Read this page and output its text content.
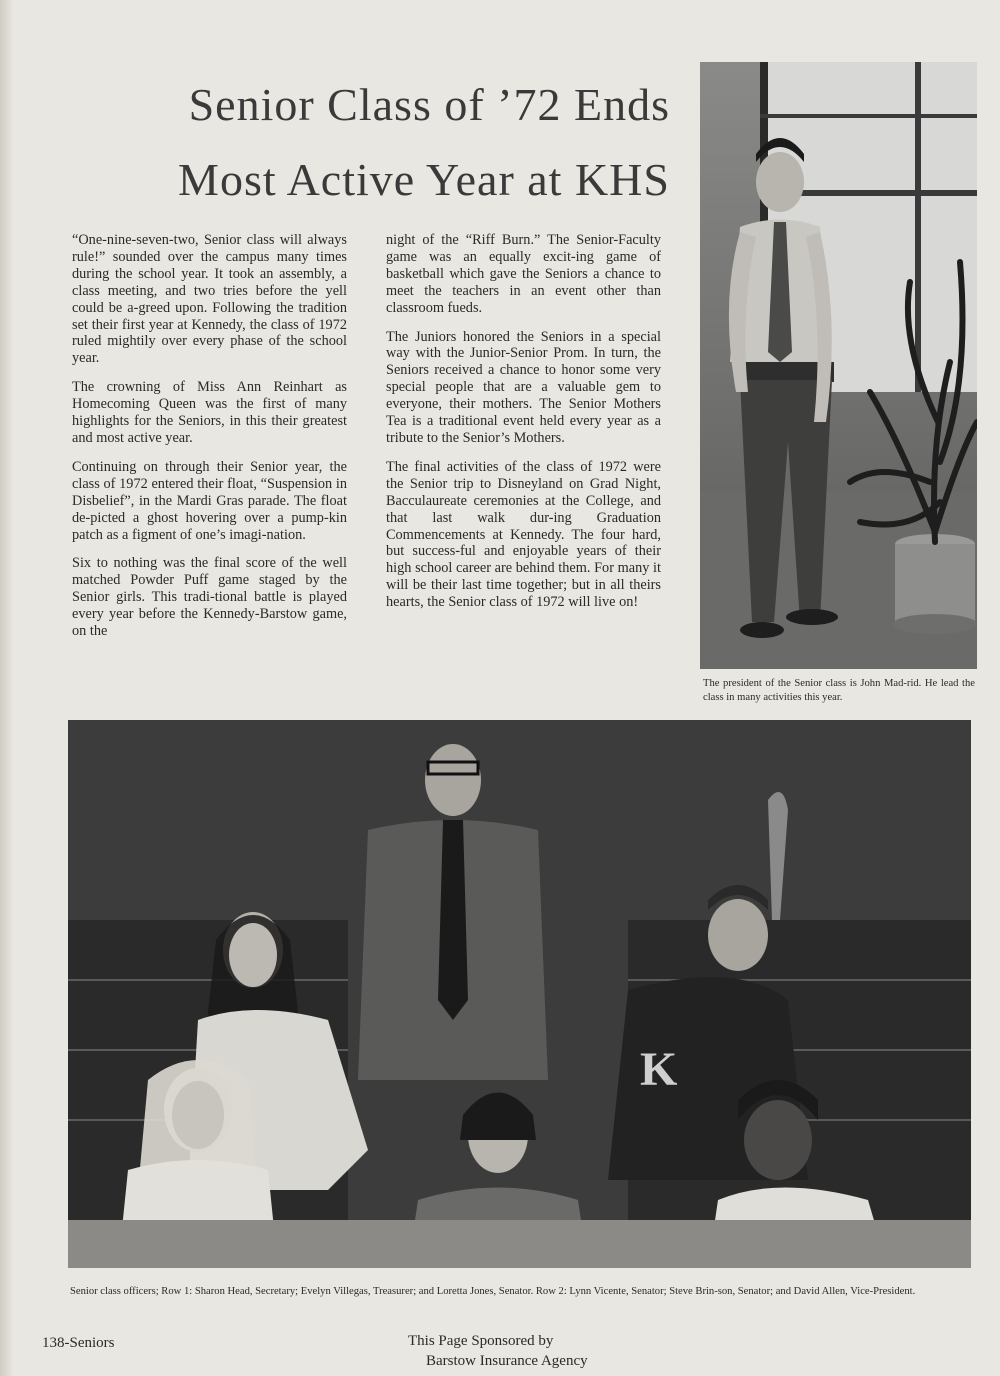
Senior Class of ’72 Ends
Most Active Year at KHS

“One-nine-seven-two, Senior class will always rule!” sounded over the campus many times during the school year. It took an assembly, a class meeting, and two tries before the yell could be a-greed upon. Following the tradition set their first year at Kennedy, the class of 1972 ruled mightily over every phase of the school year.

The crowning of Miss Ann Reinhart as Homecoming Queen was the first of many highlights for the Seniors, in this their greatest and most active year.

Continuing on through their Senior year, the class of 1972 entered their float, “Suspension in Disbelief”, in the Mardi Gras parade. The float de-picted a ghost hovering over a pump-kin patch as a figment of one’s imagi-nation.

Six to nothing was the final score of the well matched Powder Puff game staged by the Senior girls. This tradi-tional battle is played every year before the Kennedy-Barstow game, on the

night of the “Riff Burn.” The Senior-Faculty game was an equally excit-ing game of basketball which gave the Seniors a chance to meet the teachers in an event other than classroom fueds.

The Juniors honored the Seniors in a special way with the Junior-Senior Prom. In turn, the Seniors received a chance to honor some very special people that are a valuable gem to everyone, their mothers. The Senior Mothers Tea is a traditional event held every year as a tribute to the Senior’s Mothers.

The final activities of the class of 1972 were the Senior trip to Disneyland on Grad Night, Bacculaureate ceremonies at the College, and that last walk dur-ing Graduation Commencements at Kennedy. The four hard, but success-ful and enjoyable years of their high school career are behind them. For many it will be their last time together; but in all theirs hearts, the Senior class of 1972 will live on!

The president of the Senior class is John Mad-rid. He lead the class in many activities this year.

K

Senior class officers; Row 1: Sharon Head, Secretary; Evelyn Villegas, Treasurer; and Loretta Jones, Senator. Row 2: Lynn Vicente, Senator; Steve Brin-son, Senator; and David Allen, Vice-President.

138-Seniors	This Page Sponsored by
Barstow Insurance Agency
